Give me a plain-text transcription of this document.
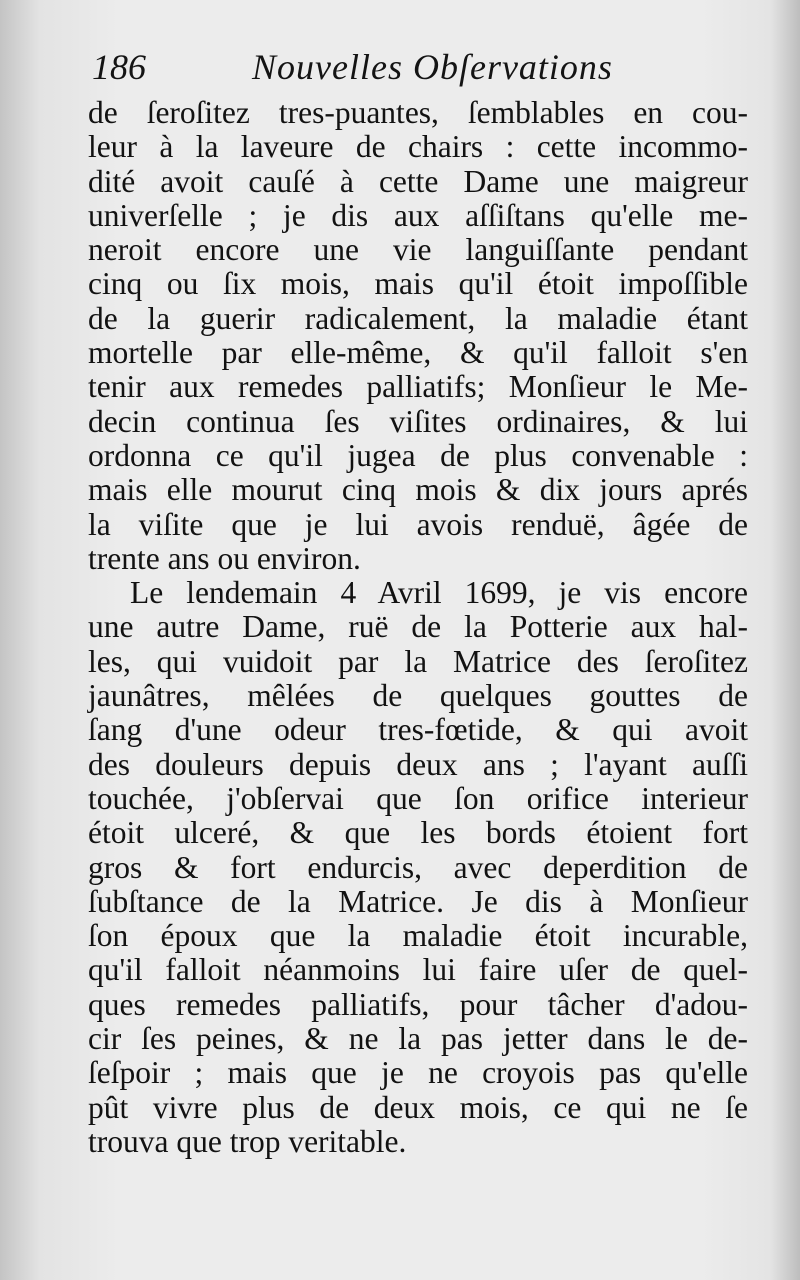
186	Nouvelles Obſervations
de ſeroſitez tres-puantes, ſemblables en cou-
leur à la laveure de chairs : cette incommo-
dité avoit cauſé à cette Dame une maigreur
univerſelle ; je dis aux aſſiſtans qu'elle me-
neroit encore une vie languiſſante pendant
cinq ou ſix mois, mais qu'il étoit impoſſible
de la guerir radicalement, la maladie étant
mortelle par elle-même, & qu'il falloit s'en
tenir aux remedes palliatifs; Monſieur le Me-
decin continua ſes viſites ordinaires, & lui
ordonna ce qu'il jugea de plus convenable :
mais elle mourut cinq mois & dix jours aprés
la viſite que je lui avois renduë, âgée de
trente ans ou environ.
Le lendemain 4 Avril 1699, je vis encore
une autre Dame, ruë de la Potterie aux hal-
les, qui vuidoit par la Matrice des ſeroſitez
jaunâtres, mêlées de quelques gouttes de
ſang d'une odeur tres-fœtide, & qui avoit
des douleurs depuis deux ans ; l'ayant auſſi
touchée, j'obſervai que ſon orifice interieur
étoit ulceré, & que les bords étoient fort
gros & fort endurcis, avec deperdition de
ſubſtance de la Matrice. Je dis à Monſieur
ſon époux que la maladie étoit incurable,
qu'il falloit néanmoins lui faire uſer de quel-
ques remedes palliatifs, pour tâcher d'adou-
cir ſes peines, & ne la pas jetter dans le de-
ſeſpoir ; mais que je ne croyois pas qu'elle
pût vivre plus de deux mois, ce qui ne ſe
trouva que trop veritable.
